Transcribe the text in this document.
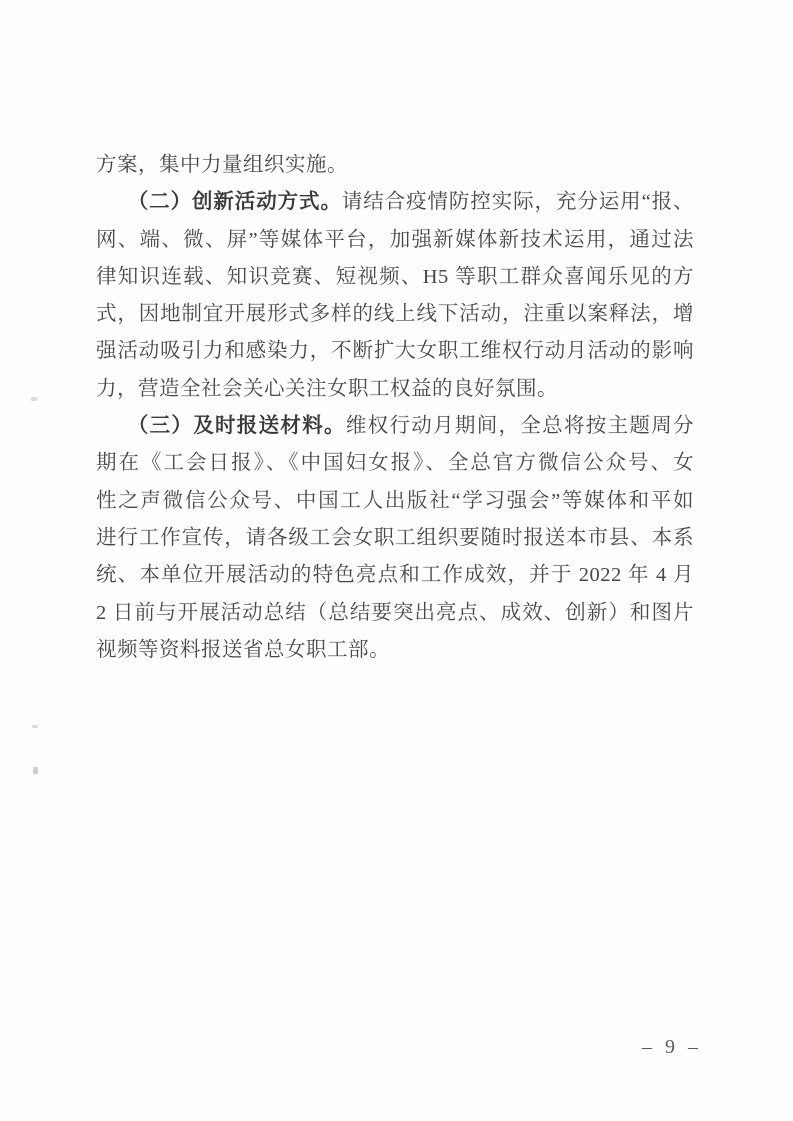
方案，集中力量组织实施。
（二）创新活动方式。请结合疫情防控实际，充分运用“报、
网、端、微、屏”等媒体平台，加强新媒体新技术运用，通过法
律知识连载、知识竞赛、短视频、H5 等职工群众喜闻乐见的方
式，因地制宜开展形式多样的线上线下活动，注重以案释法，增
强活动吸引力和感染力，不断扩大女职工维权行动月活动的影响
力，营造全社会关心关注女职工权益的良好氛围。
（三）及时报送材料。维权行动月期间，全总将按主题周分
期在《工会日报》、《中国妇女报》、全总官方微信公众号、女
性之声微信公众号、中国工人出版社“学习强会”等媒体和平如
进行工作宣传，请各级工会女职工组织要随时报送本市县、本系
统、本单位开展活动的特色亮点和工作成效，并于 2022 年 4 月
2 日前与开展活动总结（总结要突出亮点、成效、创新）和图片
视频等资料报送省总女职工部。
– 9 –
